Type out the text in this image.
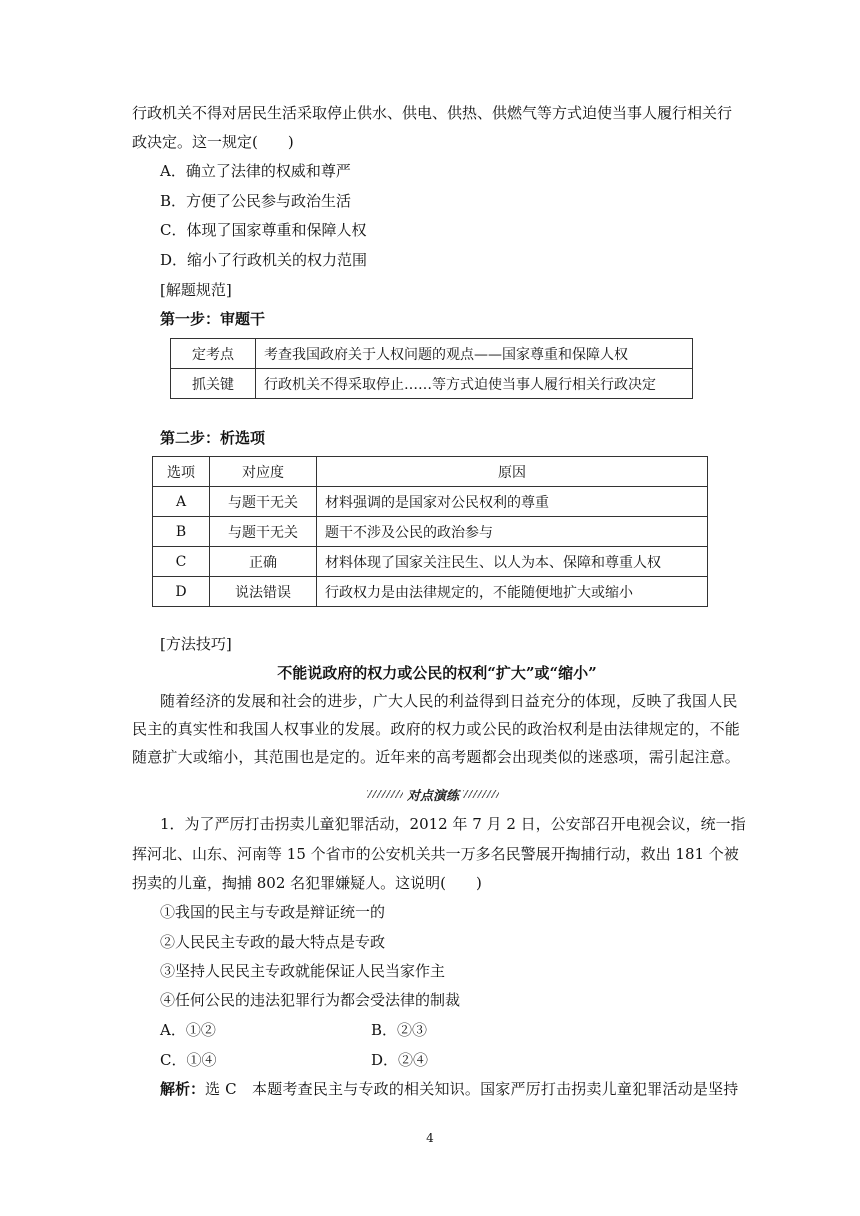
行政机关不得对居民生活采取停止供水、供电、供热、供燃气等方式迫使当事人履行相关行
政决定。这一规定(　　)
A．确立了法律的权威和尊严
B．方便了公民参与政治生活
C．体现了国家尊重和保障人权
D．缩小了行政机关的权力范围
[解题规范]
第一步：审题干
定考点	考查我国政府关于人权问题的观点——国家尊重和保障人权
抓关键	行政机关不得采取停止……等方式迫使当事人履行相关行政决定
第二步：析选项
选项	对应度	原因
A	与题干无关	材料强调的是国家对公民权利的尊重
B	与题干无关	题干不涉及公民的政治参与
C	正确	材料体现了国家关注民生、以人为本、保障和尊重人权
D	说法错误	行政权力是由法律规定的，不能随便地扩大或缩小
[方法技巧]
不能说政府的权力或公民的权利“扩大”或“缩小”
随着经济的发展和社会的进步，广大人民的利益得到日益充分的体现，反映了我国人民
民主的真实性和我国人权事业的发展。政府的权力或公民的政治权利是由法律规定的，不能
随意扩大或缩小，其范围也是定的。近年来的高考题都会出现类似的迷惑项，需引起注意。
对点演练
1．为了严厉打击拐卖儿童犯罪活动，2012 年 7 月 2 日，公安部召开电视会议，统一指
挥河北、山东、河南等 15 个省市的公安机关共一万多名民警展开掏捕行动，救出 181 个被
拐卖的儿童，掏捕 802 名犯罪嫌疑人。这说明(　　)
①我国的民主与专政是辩证统一的
②人民民主专政的最大特点是专政
③坚持人民民主专政就能保证人民当家作主
④任何公民的违法犯罪行为都会受法律的制裁
A．①②	B．②③
C．①④	D．②④
解析：选 C　本题考查民主与专政的相关知识。国家严厉打击拐卖儿童犯罪活动是坚持
4
